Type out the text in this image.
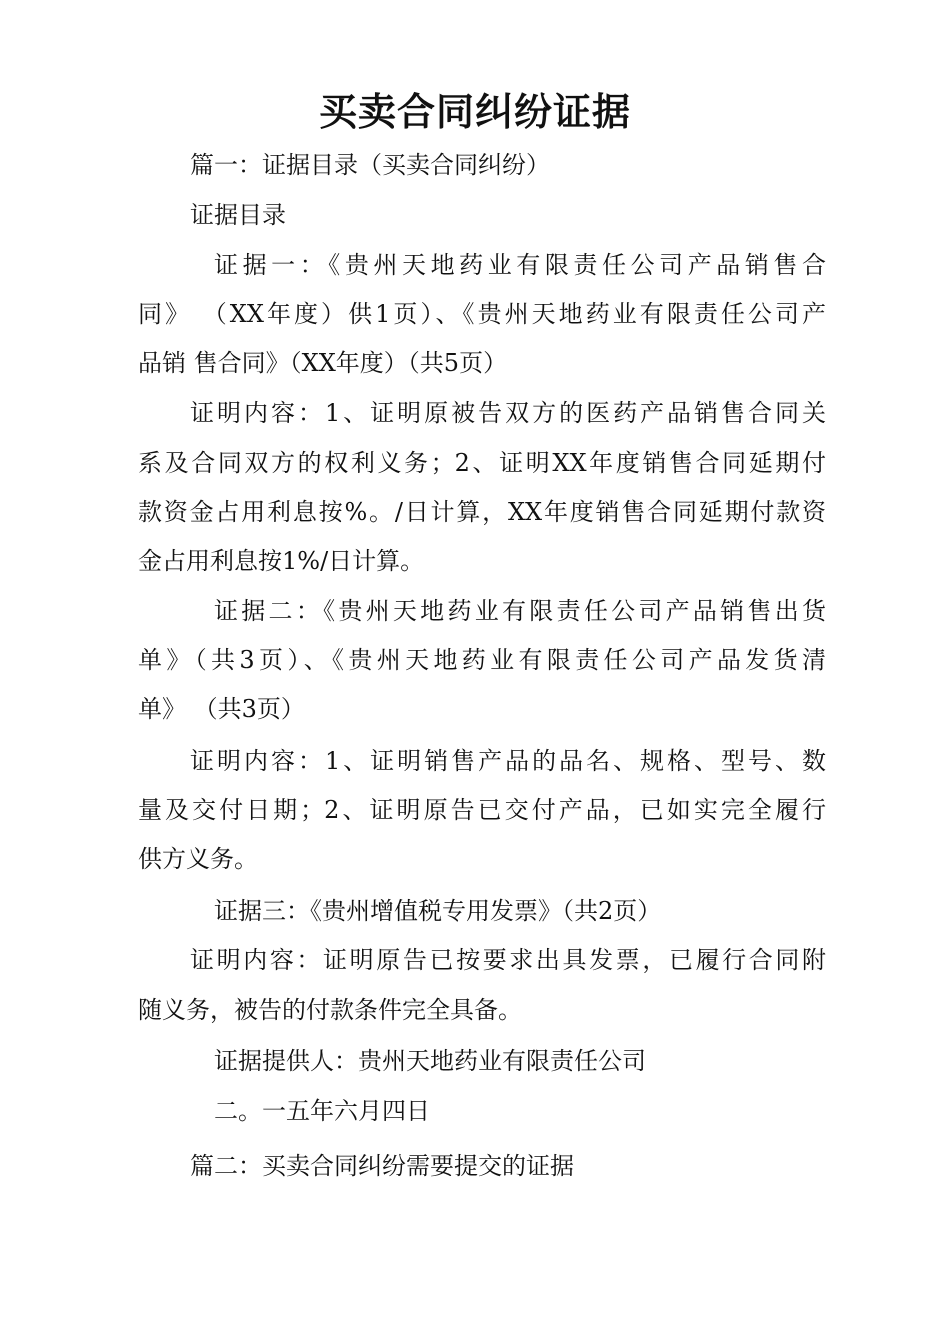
买卖合同纠纷证据
篇一：证据目录（买卖合同纠纷）
证据目录
证据一：《贵州天地药业有限责任公司产品销售合
同》 （XX年度）供1页）、《贵州天地药业有限责任公司产
品销 售合同》（XX年度）（共5页）
证明内容：1、证明原被告双方的医药产品销售合同关
系及合同双方的权利义务；2、证明XX年度销售合同延期付
款资金占用利息按%。/日计算，XX年度销售合同延期付款资
金占用利息按1%/日计算。
证据二：《贵州天地药业有限责任公司产品销售出货
单》（共3页）、《贵州天地药业有限责任公司产品发货清
单》 （共3页）
证明内容：1、证明销售产品的品名、规格、型号、数
量及交付日期；2、证明原告已交付产品，已如实完全履行
供方义务。
证据三：《贵州增值税专用发票》（共2页）
证明内容：证明原告已按要求出具发票，已履行合同附
随义务，被告的付款条件完全具备。
证据提供人：贵州天地药业有限责任公司
二。一五年六月四日
篇二：买卖合同纠纷需要提交的证据
